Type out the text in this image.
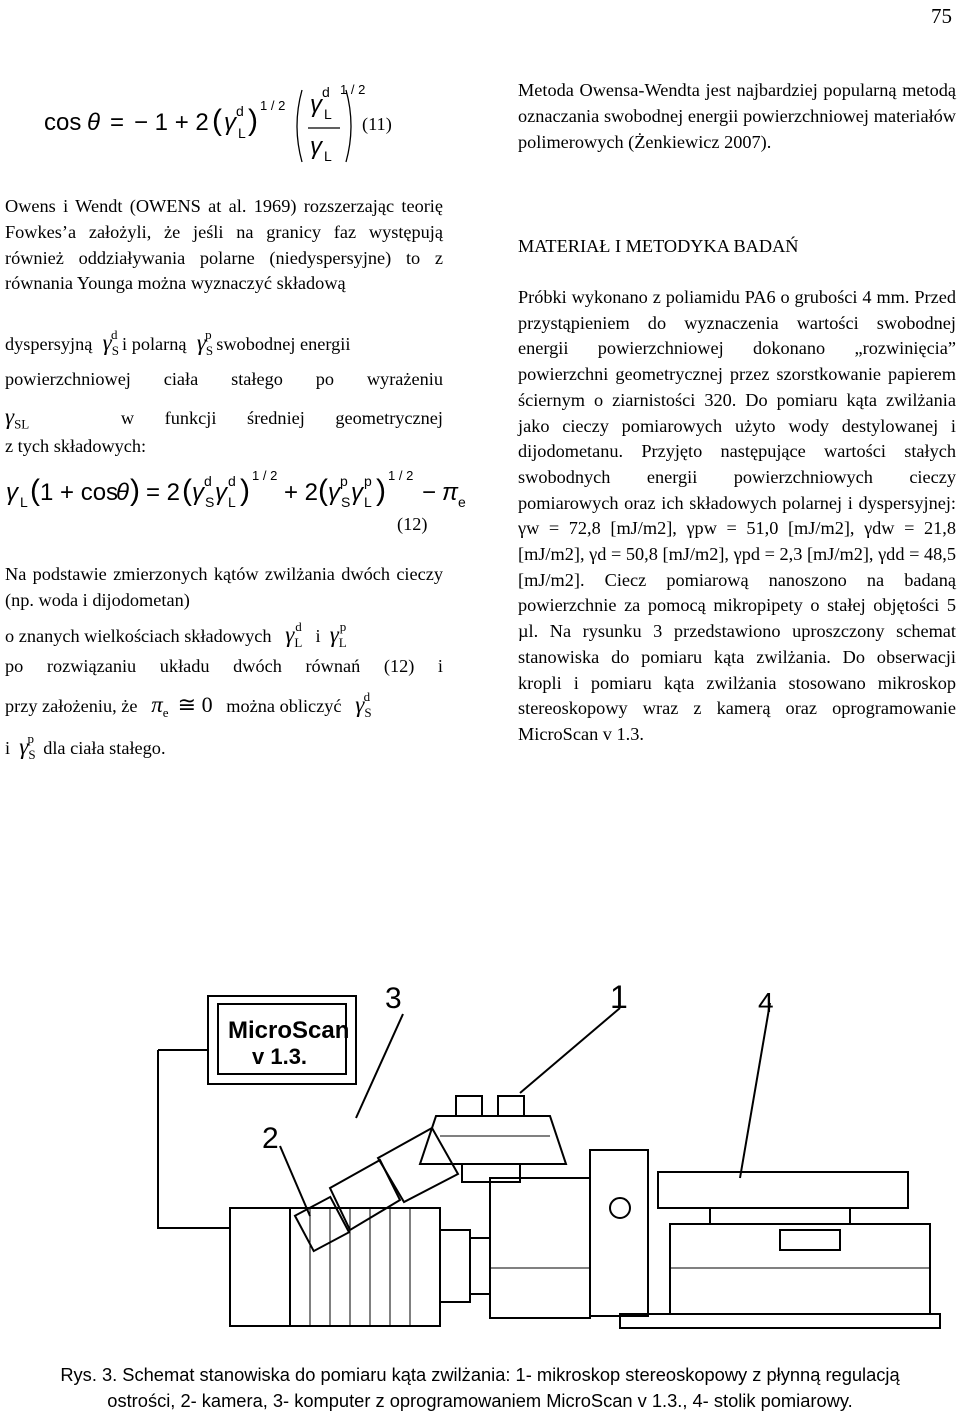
75
cos θ = − 1 + 2 ( γ L
d ) 1 / 2 γ L
d
γ L
1 / 2
(11)

Owens i Wendt (OWENS at al. 1969) rozszerzając teorię Fowkes’a założyli, że jeśli na granicy faz występują również oddziaływania polarne (niedyspersyjne) to z równania Younga można wyznaczyć składową

dyspersyjną  $\gamma_S^d$ i polarną  $\gamma_S^p$ swobodnej energii
powierzchniowej ciała stałego po wyrażeniu
$\gamma_{SL}$	w funkcji średniej geometrycznej
z tych składowych:
γ L ( 1 + cos
θ ) = 2 ( γ S
d γ L
d ) 1 / 2
+ 2 ( γ S
p γ L
p ) 1 / 2
− π e
(12)

Na podstawie zmierzonych kątów zwilżania dwóch cieczy (np. woda i dijodometan)

o znanych wielkościach składowych $\gamma_L^d$ i $\gamma_L^p$
po rozwiązaniu układu dwóch równań (12) i
przy założeniu, że $\pi_e$ ≅ 0 można obliczyć $\gamma_S^d$
i $\gamma_S^p$ dla ciała stałego.

Metoda Owensa-Wendta jest najbardziej popularną metodą oznaczania swobodnej energii powierzchniowej materiałów polimerowych (Żenkiewicz 2007).

MATERIAŁ I METODYKA BADAŃ

Próbki wykonano z poliamidu PA6 o grubości 4 mm. Przed przystąpieniem do wyznaczenia wartości swobodnej energii powierzchniowej dokonano „rozwinięcia” powierzchni geometrycznej przez szorstkowanie papierem ściernym o ziarnistości 320. Do pomiaru kąta zwilżania jako cieczy pomiarowych użyto wody destylowanej i dijodometanu. Przyjęto następujące wartości stałych swobodnych energii powierzchniowych cieczy pomiarowych oraz ich składowych polarnej i dyspersyjnej: γw = 72,8 [mJ/m2], γpw = 51,0 [mJ/m2], γdw = 21,8 [mJ/m2], γd = 50,8 [mJ/m2], γpd = 2,3 [mJ/m2], γdd = 48,5 [mJ/m2]. Ciecz pomiarową nanoszono na badaną powierzchnie za pomocą mikropipety o stałej objętości 5 µl. Na rysunku 3 przedstawiono uproszczony schemat stanowiska do pomiaru kąta zwilżania. Do obserwacji kropli i pomiaru kąta zwilżania stosowano mikroskop stereoskopowy wraz z kamerą oraz oprogramowanie MicroScan v 1.3.

MicroScan
v 1.3.
3	1	4
2
Rys. 3. Schemat stanowiska do pomiaru kąta zwilżania: 1- mikroskop stereoskopowy z płynną regulacją
ostrości, 2- kamera, 3- komputer z oprogramowaniem MicroScan v 1.3., 4- stolik pomiarowy.
